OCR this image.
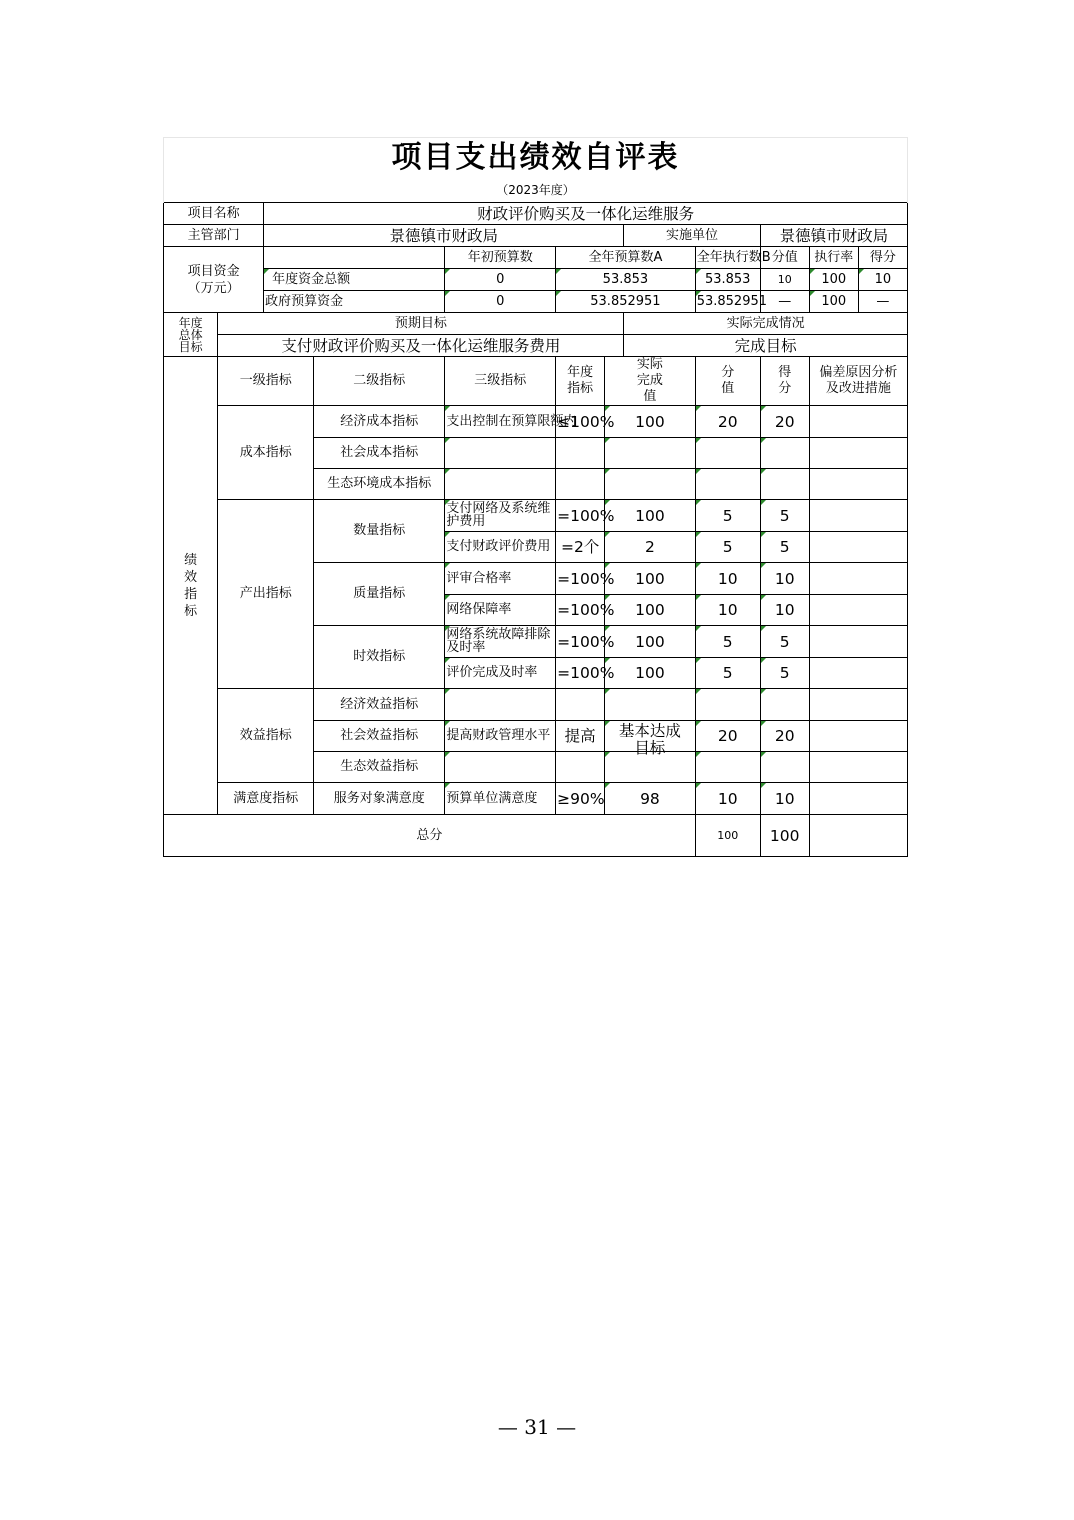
项目支出绩效自评表											
（2023年度）											
项目名称		财政评价购买及一体化运维服务									
主管部门		景德镇市财政局					实施单位		景德镇市财政局		

项目资金（万元）				年初预算数	全年预算数A			全年执行数B	分值	执行率	得分
		年度资金总额		0	53.853			53.853	10	100	10
		政府预算资金		0	53.852951			53.852951	—	100	—

年度总体目标	预期目标						实际完成情况				
	支付财政评价购买及一体化运维服务费用						完成目标				
绩效指标	一级指标		二级指标	三级指标	年度指标	实际完成值		分值	得分	偏差原因分析及改进措施	

	成本指标		经济成本指标	支出控制在预算限额内	≤100%	100		20	20		
			社会成本指标								
			生态环境成本指标								
	产出指标		数量指标	支付网络及系统维护费用	=100%	100		5	5		
				支付财政评价费用	=2个	2		5	5		
			质量指标	评审合格率	=100%	100		10	10		
				网络保障率	=100%	100		10	10		
			时效指标	网络系统故障排除及时率	=100%	100		5	5		
				评价完成及时率	=100%	100		5	5		
	效益指标		经济效益指标								
			社会效益指标	提高财政管理水平	提高	基本达成目标		20	20		
			生态效益指标								
	满意度指标		服务对象满意度	预算单位满意度	≥90%	98		10	10		
总分								100	100		
— 31 —
